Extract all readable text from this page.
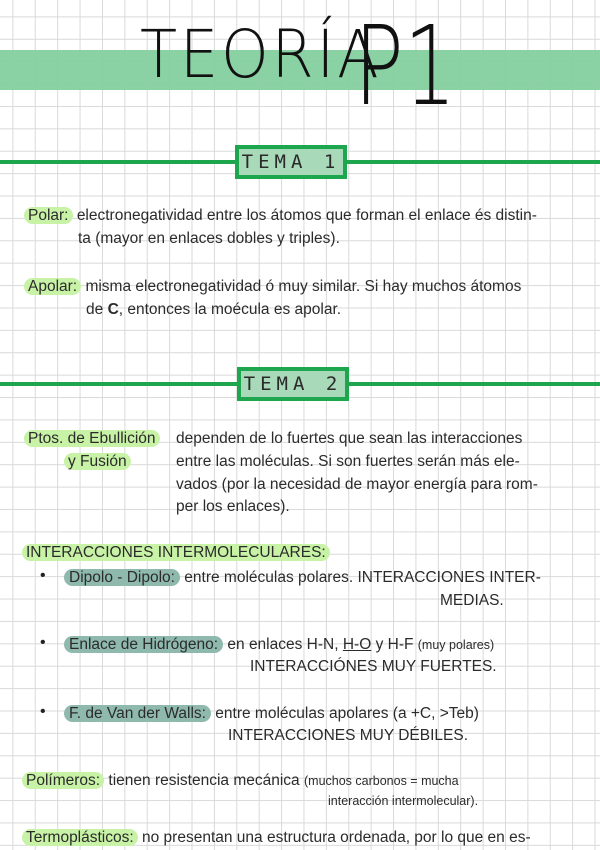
TEORÍA
P1
TEMA 1
Polar: electronegatividad entre los átomos que forman el enlace és distin-
ta (mayor en enlaces dobles y triples).
Apolar: misma electronegatividad ó muy similar. Si hay muchos átomos
de C, entonces la moécula es apolar.
TEMA 2
Ptos. de Ebullición
y Fusión
dependen de lo fuertes que sean las interacciones
entre las moléculas. Si son fuertes serán más ele-
vados (por la necesidad de mayor energía para rom-
per los enlaces).
INTERACCIONES INTERMOLECULARES:
•	Dipolo - Dipolo: entre moléculas polares. INTERACCIONES INTER-
MEDIAS.
•	Enlace de Hidrógeno: en enlaces H-N, H-O y H-F (muy polares)
INTERACCIÓNES MUY FUERTES.
•	F. de Van der Walls: entre moléculas apolares (a +C, >Teb)
INTERACCIONES MUY DÉBILES.
Polímeros: tienen resistencia mecánica (muchos carbonos = mucha
interacción intermolecular).
Termoplásticos: no presentan una estructura ordenada, por lo que en es-
